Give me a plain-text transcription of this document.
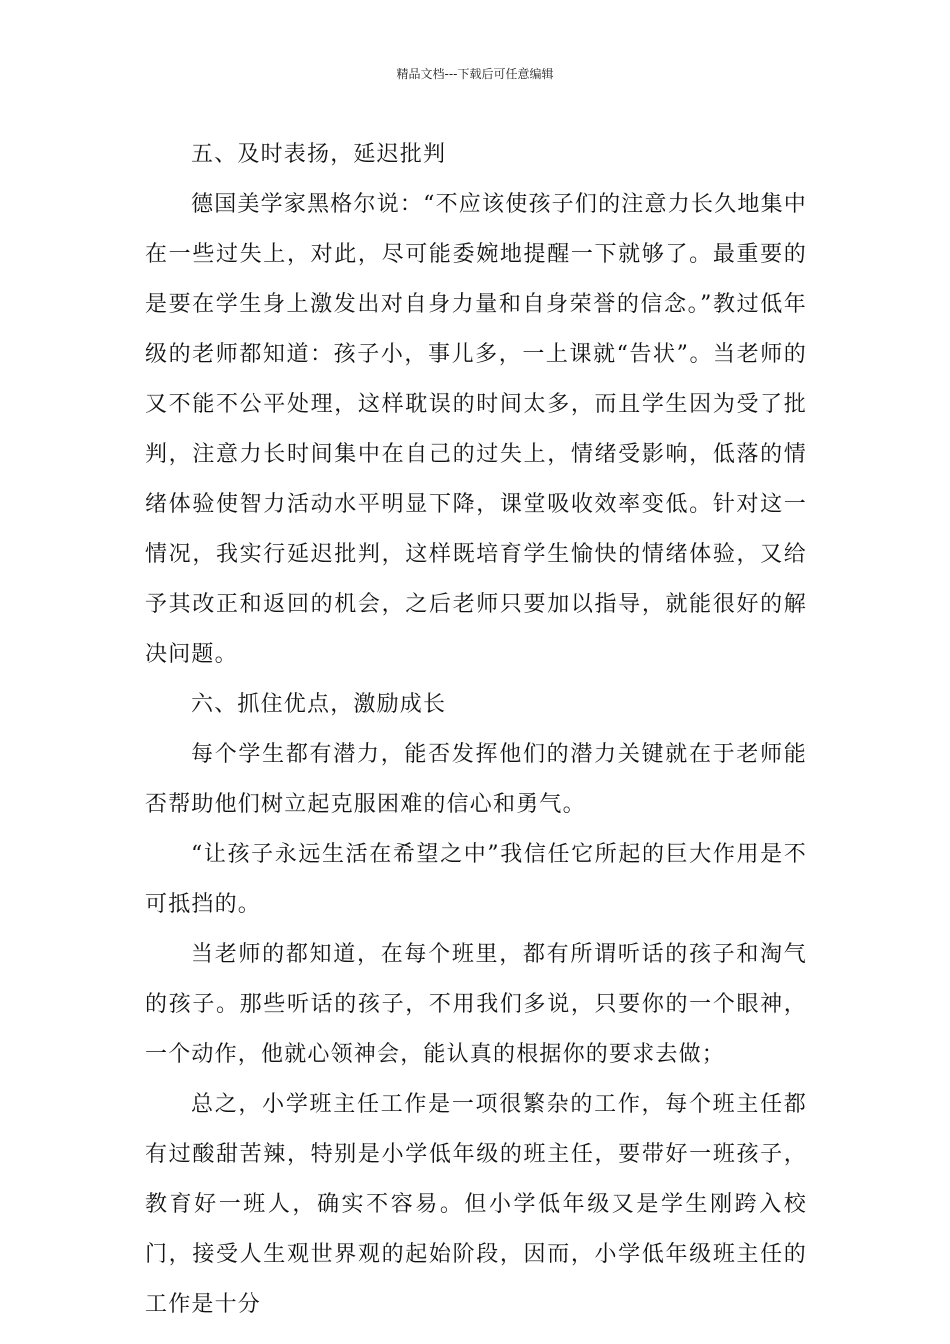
精品文档---下载后可任意编辑

五、及时表扬，延迟批判

德国美学家黑格尔说：“不应该使孩子们的注意力长久地集中在一些过失上，对此，尽可能委婉地提醒一下就够了。最重要的是要在学生身上激发出对自身力量和自身荣誉的信念。”教过低年级的老师都知道：孩子小，事儿多，一上课就“告状”。当老师的又不能不公平处理，这样耽误的时间太多，而且学生因为受了批判，注意力长时间集中在自己的过失上，情绪受影响，低落的情绪体验使智力活动水平明显下降，课堂吸收效率变低。针对这一情况，我实行延迟批判，这样既培育学生愉快的情绪体验，又给予其改正和返回的机会，之后老师只要加以指导，就能很好的解决问题。

六、抓住优点，激励成长

每个学生都有潜力，能否发挥他们的潜力关键就在于老师能否帮助他们树立起克服困难的信心和勇气。

“让孩子永远生活在希望之中”我信任它所起的巨大作用是不可抵挡的。

当老师的都知道，在每个班里，都有所谓听话的孩子和淘气的孩子。那些听话的孩子，不用我们多说，只要你的一个眼神，一个动作，他就心领神会，能认真的根据你的要求去做；

总之，小学班主任工作是一项很繁杂的工作，每个班主任都有过酸甜苦辣，特别是小学低年级的班主任，要带好一班孩子，教育好一班人，确实不容易。但小学低年级又是学生刚跨入校门，接受人生观世界观的起始阶段，因而，小学低年级班主任的工作是十分
